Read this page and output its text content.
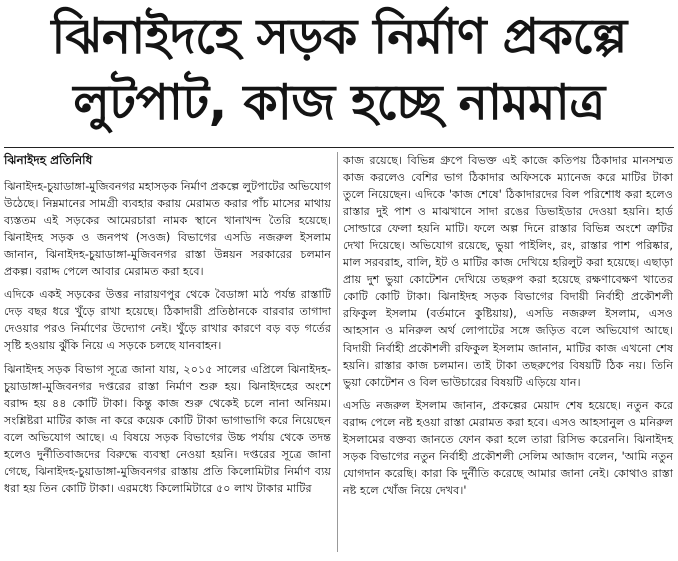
ঝিনাইদহে সড়ক নির্মাণ প্রকল্পে
লুটপাট, কাজ হচ্ছে নামমাত্র
ঝিনাইদহ প্রতিনিধি

ঝিনাইদহ-চুয়াডাঙ্গা-মুজিবনগর মহাসড়ক নির্মাণ প্রকল্পে লুটপাটের অভিযোগ উঠেছে। নিম্নমানের সামগ্রী ব্যবহার করায় মেরামত করার পাঁচ মাসের মাথায় ব্যস্ততম এই সড়কের আমেরচারা নামক স্থানে খানাখন্দ তৈরি হয়েছে। ঝিনাইদহ সড়ক ও জনপথ (সওজ) বিভাগের এসডি নজরুল ইসলাম জানান, ঝিনাইদহ-চুয়াডাঙ্গা-মুজিবনগর রাস্তা উন্নয়ন সরকারের চলমান প্রকল্প। বরাদ্দ পেলে আবার মেরামত করা হবে।

এদিকে একই সড়কের উত্তর নারায়ণপুর থেকে বৈডাঙ্গা মাঠ পর্যন্ত রাস্তাটি দেড় বছর ধরে খুঁড়ে রাখা হয়েছে। ঠিকাদারী প্রতিষ্ঠানকে বারবার তাগাদা দেওয়ার পরও নির্মাণের উদ্যোগ নেই। খুঁড়ে রাখার কারণে বড় বড় গর্তের সৃষ্টি হওয়ায় ঝুঁকি নিয়ে এ সড়কে চলছে যানবাহন।

ঝিনাইদহ সড়ক বিভাগ সূত্রে জানা যায়, ২০১৫ সালের এপ্রিলে ঝিনাইদহ-চুয়াডাঙ্গা-মুজিবনগর দপ্তরের রাস্তা নির্মাণ শুরু হয়। ঝিনাইদহের অংশে বরাদ্দ হয় ৪৪ কোটি টাকা। কিন্তু কাজ শুরু থেকেই চলে নানা অনিয়ম। সংশ্লিষ্টরা মাটির কাজ না করে কয়েক কোটি টাকা ভাগাভাগি করে নিয়েছেন বলে অভিযোগ আছে। এ বিষয়ে সড়ক বিভাগের উচ্চ পর্যায় থেকে তদন্ত হলেও দুর্নীতিবাজদের বিরুদ্ধে ব্যবস্থা নেওয়া হয়নি। দপ্তরের সূত্রে জানা গেছে, ঝিনাইদহ-চুয়াডাঙ্গা-মুজিবনগর রাস্তায় প্রতি কিলোমিটার নির্মাণ ব্যয় ধরা হয় তিন কোটি টাকা। এরমধ্যে কিলোমিটারে ৫০ লাখ টাকার মাটির

কাজ রয়েছে। বিভিন্ন গ্রুপে বিভক্ত এই কাজে কতিপয় ঠিকাদার মানসম্মত কাজ করলেও বেশির ভাগ ঠিকাদার অফিসকে ম্যানেজ করে মাটির টাকা তুলে নিয়েছেন। এদিকে 'কাজ শেষে' ঠিকাদারদের বিল পরিশোধ করা হলেও রাস্তার দুই পাশ ও মাঝখানে সাদা রঙের ডিভাইডার দেওয়া হয়নি। হার্ড সোল্ডারে ফেলা হয়নি মাটি। ফলে অল্প দিনে রাস্তার বিভিন্ন অংশে ত্রুটির দেখা দিয়েছে। অভিযোগ রয়েছে, ভুয়া পাইলিং, রং, রাস্তার পাশ পরিষ্কার, মাল সরবরাহ, বালি, ইট ও মাটির কাজ দেখিয়ে হরিলুট করা হয়েছে। এছাড়া প্রায় দুশ ভুয়া কোটেশন দেখিয়ে তছরুপ করা হয়েছে রক্ষণাবেক্ষণ খাতের কোটি কোটি টাকা। ঝিনাইদহ সড়ক বিভাগের বিদায়ী নির্বাহী প্রকৌশলী রফিকুল ইসলাম (বর্তমানে কুষ্টিয়ায়), এসডি নজরুল ইসলাম, এসও আহসান ও মনিরুল অর্থ লোপাটের সঙ্গে জড়িত বলে অভিযোগ আছে। বিদায়ী নির্বাহী প্রকৌশলী রফিকুল ইসলাম জানান, মাটির কাজ এখনো শেষ হয়নি। রাস্তার কাজ চলমান। তাই টাকা তছরুপের বিষয়টি ঠিক নয়। তিনি ভুয়া কোটেশন ও বিল ভাউচারের বিষয়টি এড়িয়ে যান।

এসডি নজরুল ইসলাম জানান, প্রকল্পের মেয়াদ শেষ হয়েছে। নতুন করে বরাদ্দ পেলে নষ্ট হওয়া রাস্তা মেরামত করা হবে। এসও আহসানুল ও মনিরুল ইসলামের বক্তব্য জানতে ফোন করা হলে তারা রিসিভ করেননি। ঝিনাইদহ সড়ক বিভাগের নতুন নির্বাহী প্রকৌশলী সেলিম আজাদ বলেন, 'আমি নতুন যোগদান করেছি। কারা কি দুর্নীতি করেছে আমার জানা নেই। কোথাও রাস্তা নষ্ট হলে খোঁজ নিয়ে দেখব।'
